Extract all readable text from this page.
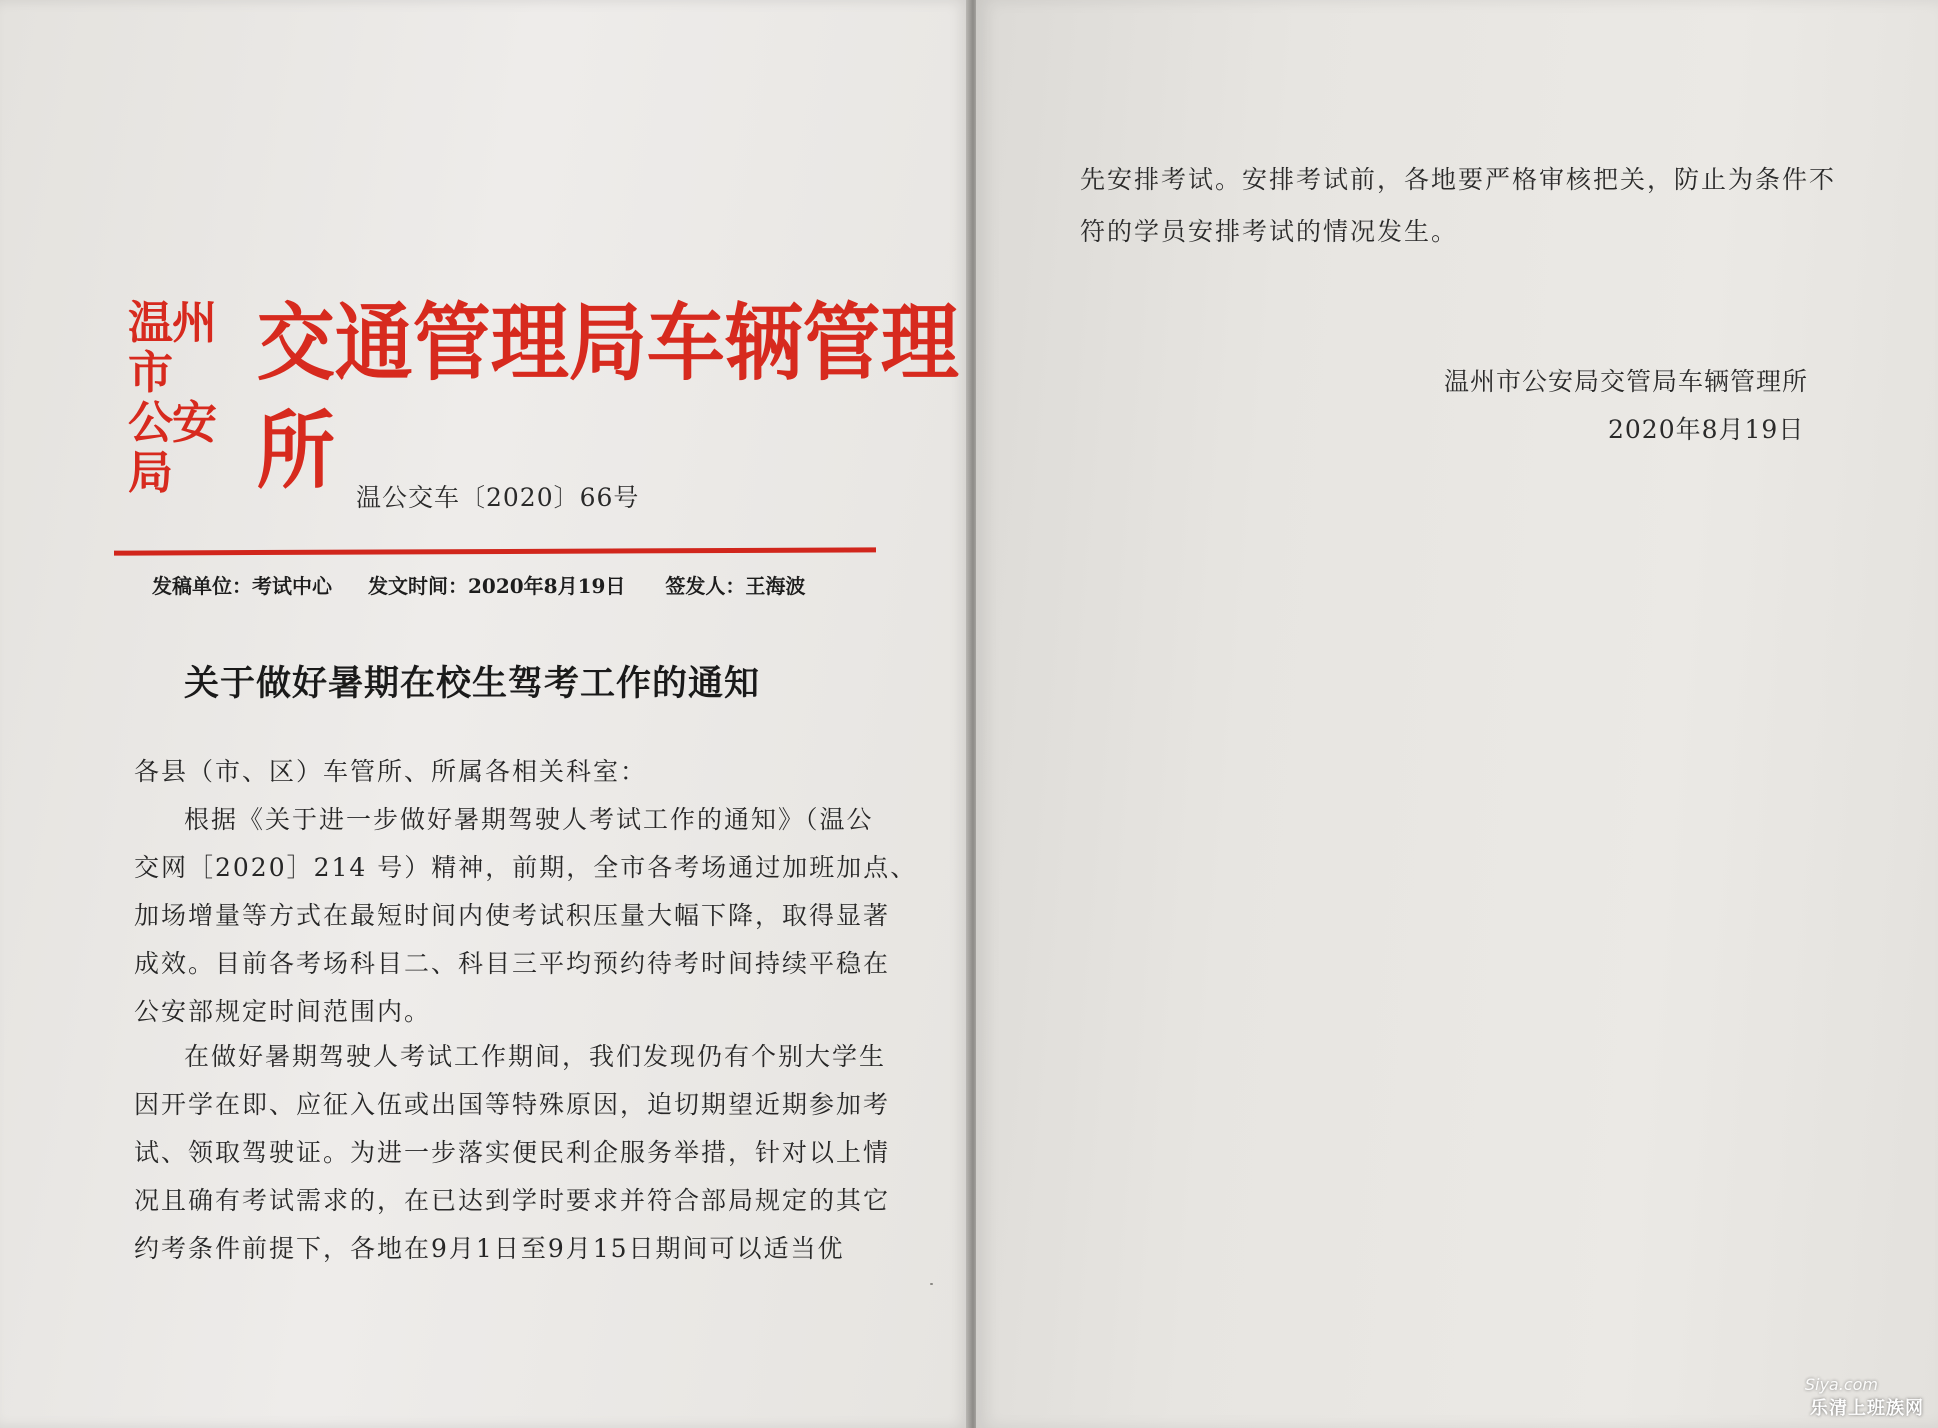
温州市
公安局
交通管理局车辆管理所 温公交车〔2020〕66号
发稿单位：考试中心 发文时间：2020年8月19日 签发人：王海波
关于做好暑期在校生驾考工作的通知
各县（市、区）车管所、所属各相关科室：
根据《关于进一步做好暑期驾驶人考试工作的通知》（温公
交网［2020］214 号）精神，前期，全市各考场通过加班加点、
加场增量等方式在最短时间内使考试积压量大幅下降，取得显著
成效。目前各考场科目二、科目三平均预约待考时间持续平稳在
公安部规定时间范围内。
在做好暑期驾驶人考试工作期间，我们发现仍有个别大学生
因开学在即、应征入伍或出国等特殊原因，迫切期望近期参加考
试、领取驾驶证。为进一步落实便民利企服务举措，针对以上情
况且确有考试需求的，在已达到学时要求并符合部局规定的其它
约考条件前提下，各地在9月1日至9月15日期间可以适当优
先安排考试。安排考试前，各地要严格审核把关，防止为条件不
符的学员安排考试的情况发生。
温州市公安局交管局车辆管理所
2020年8月19日
Siya.com
乐清上班族网
